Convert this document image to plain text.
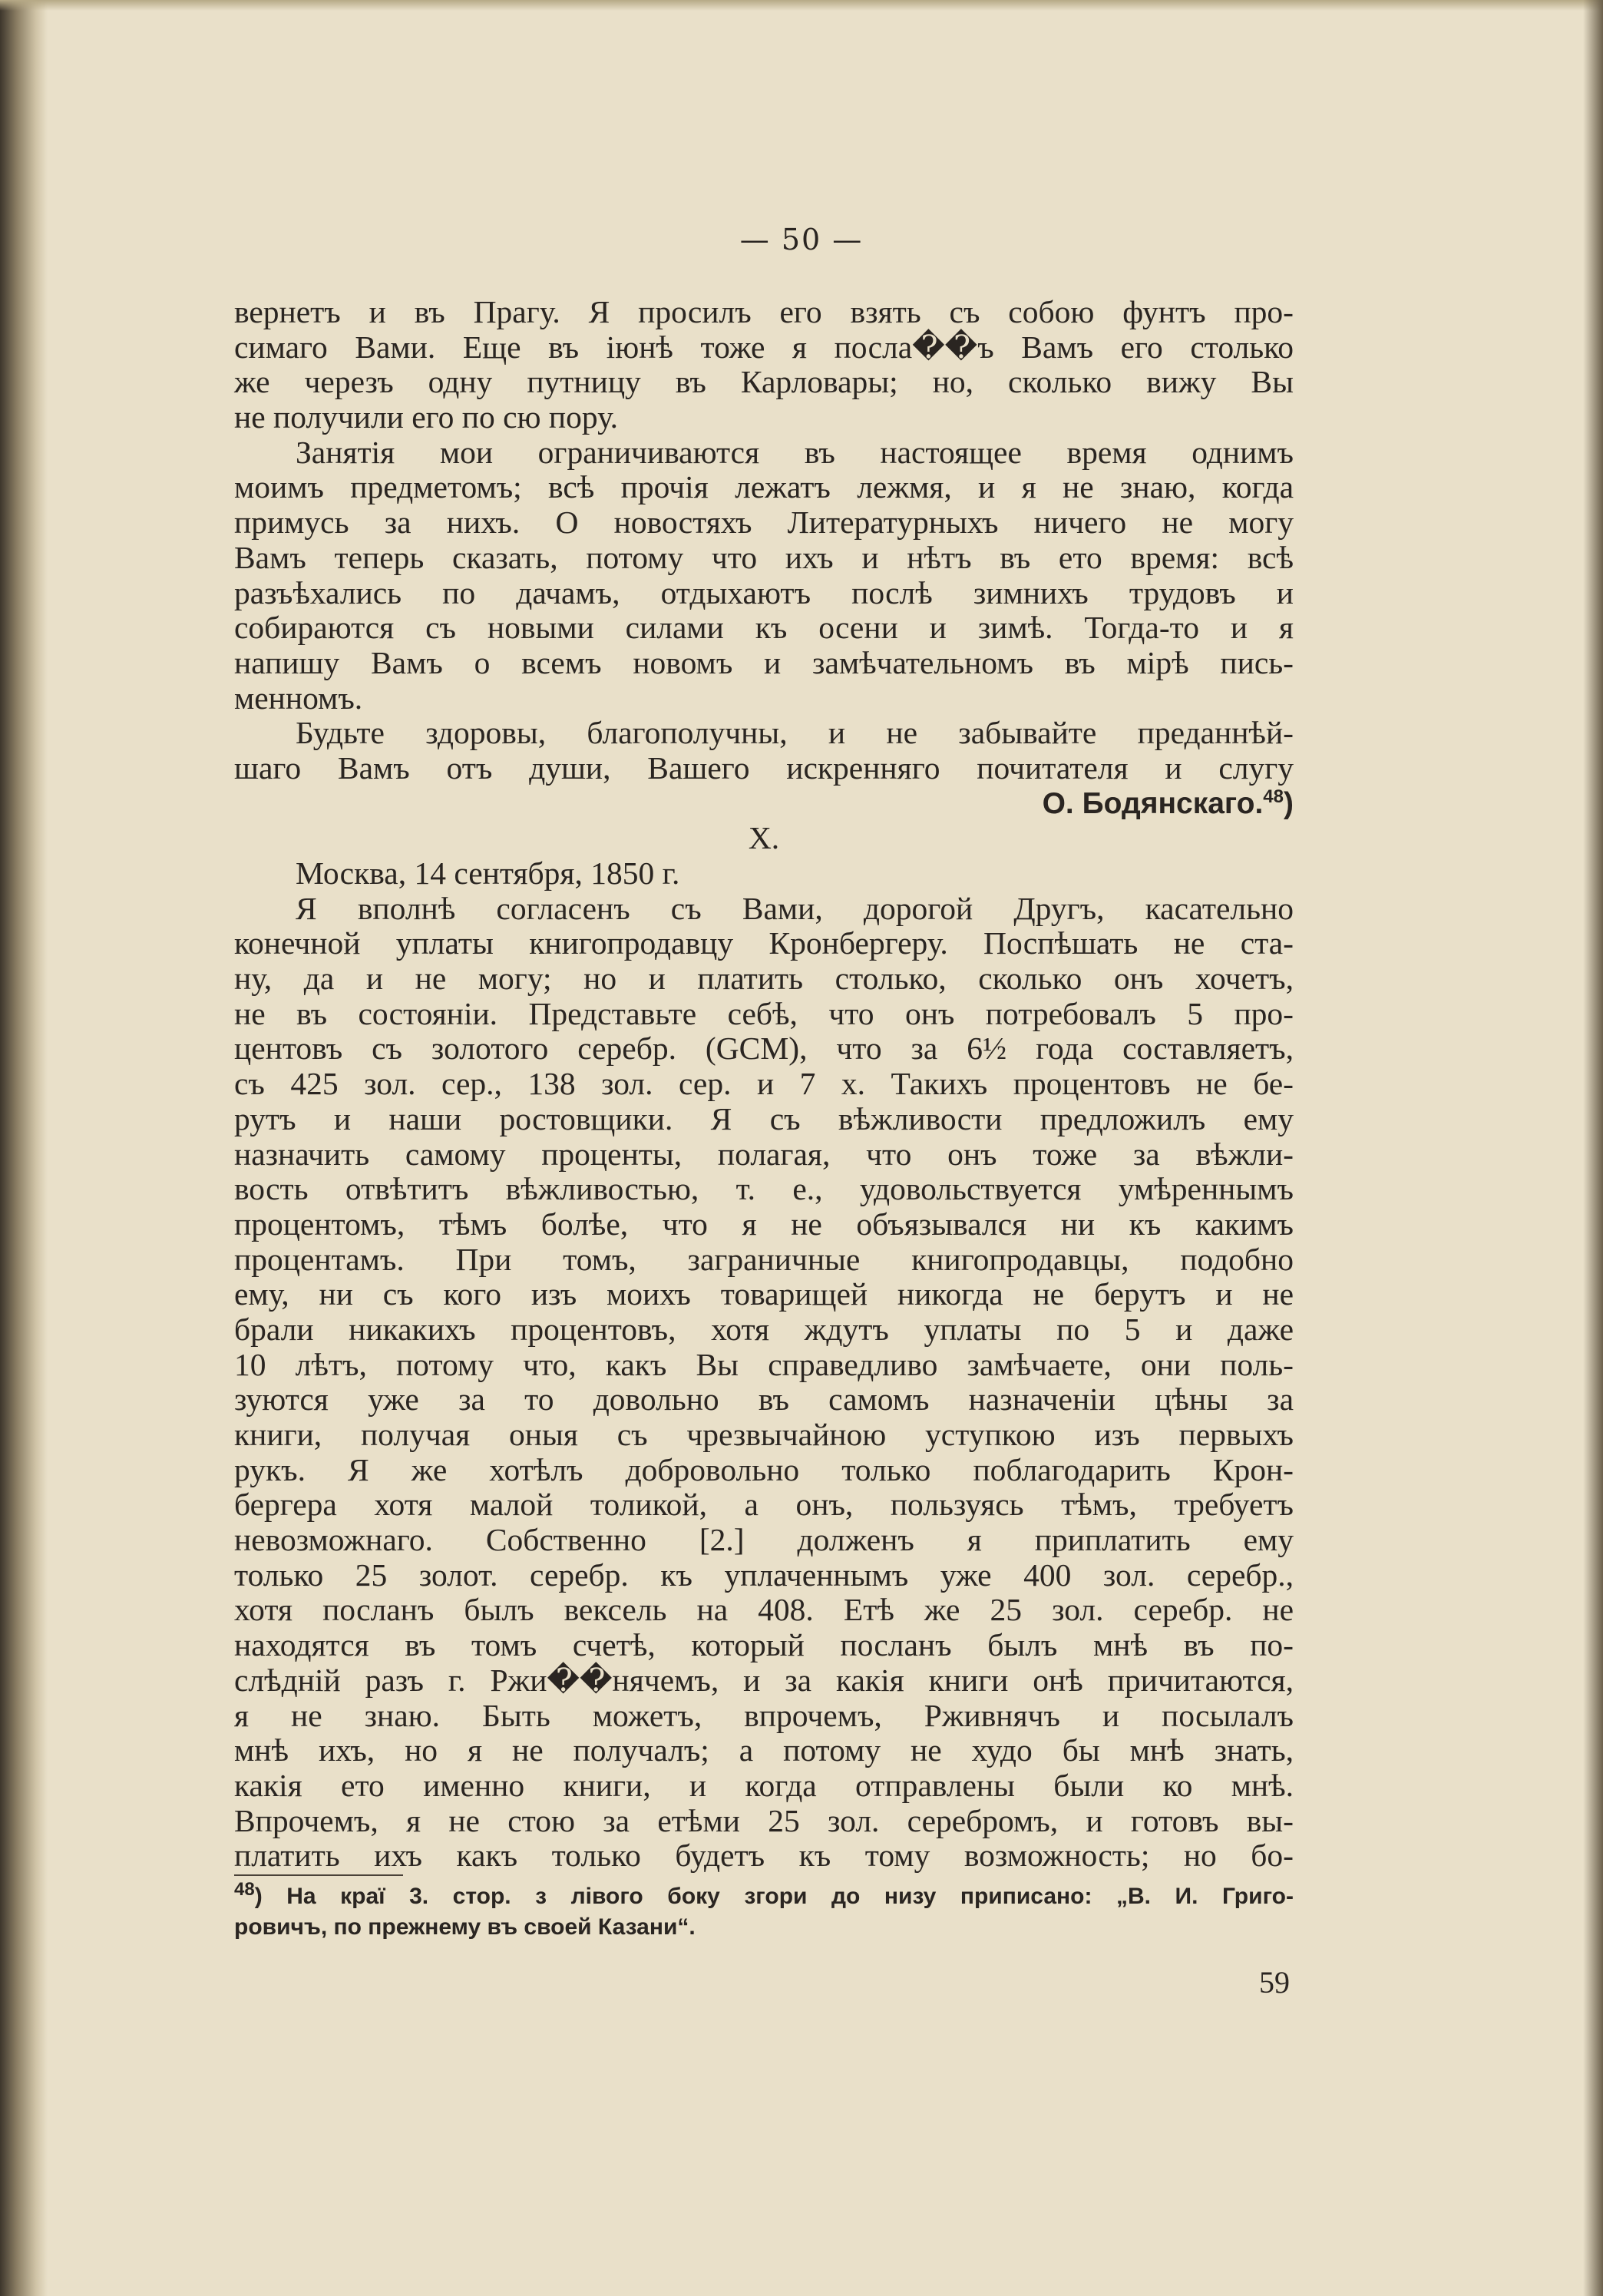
— 50 —
вернетъ и въ Прагу. Я просилъ его взять съ собою фунтъ про-
симаго Вами. Еще въ іюнѣ тоже я посла��ъ Вамъ его столько
же черезъ одну путницу въ Карловары; но, сколько вижу Вы
не получили его по сю пору.
Занятія мои ограничиваются въ настоящее время однимъ
моимъ предметомъ; всѣ прочія лежатъ лежмя, и я не знаю, когда
примусь за нихъ. О новостяхъ Литературныхъ ничего не могу
Вамъ теперь сказать, потому что ихъ и нѣтъ въ ето время: всѣ
разъѣхались по дачамъ, отдыхаютъ послѣ зимнихъ трудовъ и
собираются съ новыми силами къ осени и зимѣ. Тогда-то и я
напишу Вамъ о всемъ новомъ и замѣчательномъ въ мірѣ пись-
менномъ.
Будьте здоровы, благополучны, и не забывайте преданнѣй-
шаго Вамъ отъ души, Вашего искренняго почитателя и слугу
О. Бодянскаго.$^{48}$)
X.
Москва, 14 сентября, 1850 г.
Я вполнѣ согласенъ съ Вами, дорогой Другъ, касательно
конечной уплаты книгопродавцу Кронбергеру. Поспѣшать не ста-
ну, да и не могу; но и платить столько, сколько онъ хочетъ,
не въ состояніи. Представьте себѣ, что онъ потребовалъ 5 про-
центовъ съ золотого серебр. (GCM), что за 6½ года составляетъ,
съ 425 зол. сер., 138 зол. сер. и 7 х. Такихъ процентовъ не бе-
рутъ и наши ростовщики. Я съ вѣжливости предложилъ ему
назначить самому проценты, полагая, что онъ тоже за вѣжли-
вость отвѣтитъ вѣжливостью, т. е., удовольствуется умѣреннымъ
процентомъ, тѣмъ болѣе, что я не объязывался ни къ какимъ
процентамъ. При томъ, заграничные книгопродавцы, подобно
ему, ни съ кого изъ моихъ товарищей никогда не берутъ и не
брали никакихъ процентовъ, хотя ждутъ уплаты по 5 и даже
10 лѣтъ, потому что, какъ Вы справедливо замѣчаете, они поль-
зуются уже за то довольно въ самомъ назначеніи цѣны за
книги, получая оныя съ чрезвычайною уступкою изъ первыхъ
рукъ. Я же хотѣлъ добровольно только поблагодарить Крон-
бергера хотя малой толикой, а онъ, пользуясь тѣмъ, требуетъ
невозможнаго. Собственно [2.] долженъ я приплатить ему
только 25 золот. серебр. къ уплаченнымъ уже 400 зол. серебр.,
хотя посланъ былъ вексель на 408. Етѣ же 25 зол. серебр. не
находятся въ томъ счетѣ, который посланъ былъ мнѣ въ по-
слѣдній разъ г. Ржи��нячемъ, и за какія книги онѣ причитаются,
я не знаю. Быть можетъ, впрочемъ, Рживнячъ и посылалъ
мнѣ ихъ, но я не получалъ; а потому не худо бы мнѣ знать,
какія ето именно книги, и когда отправлены были ко мнѣ.
Впрочемъ, я не стою за етѣми 25 зол. серебромъ, и готовъ вы-
платить ихъ какъ только будетъ къ тому возможность; но бо-
$^{48}$) На краї 3. стор. з лівого боку згори до низу приписано: „В. И. Григо-
ровичъ, по прежнему въ своей Казани“.
59
